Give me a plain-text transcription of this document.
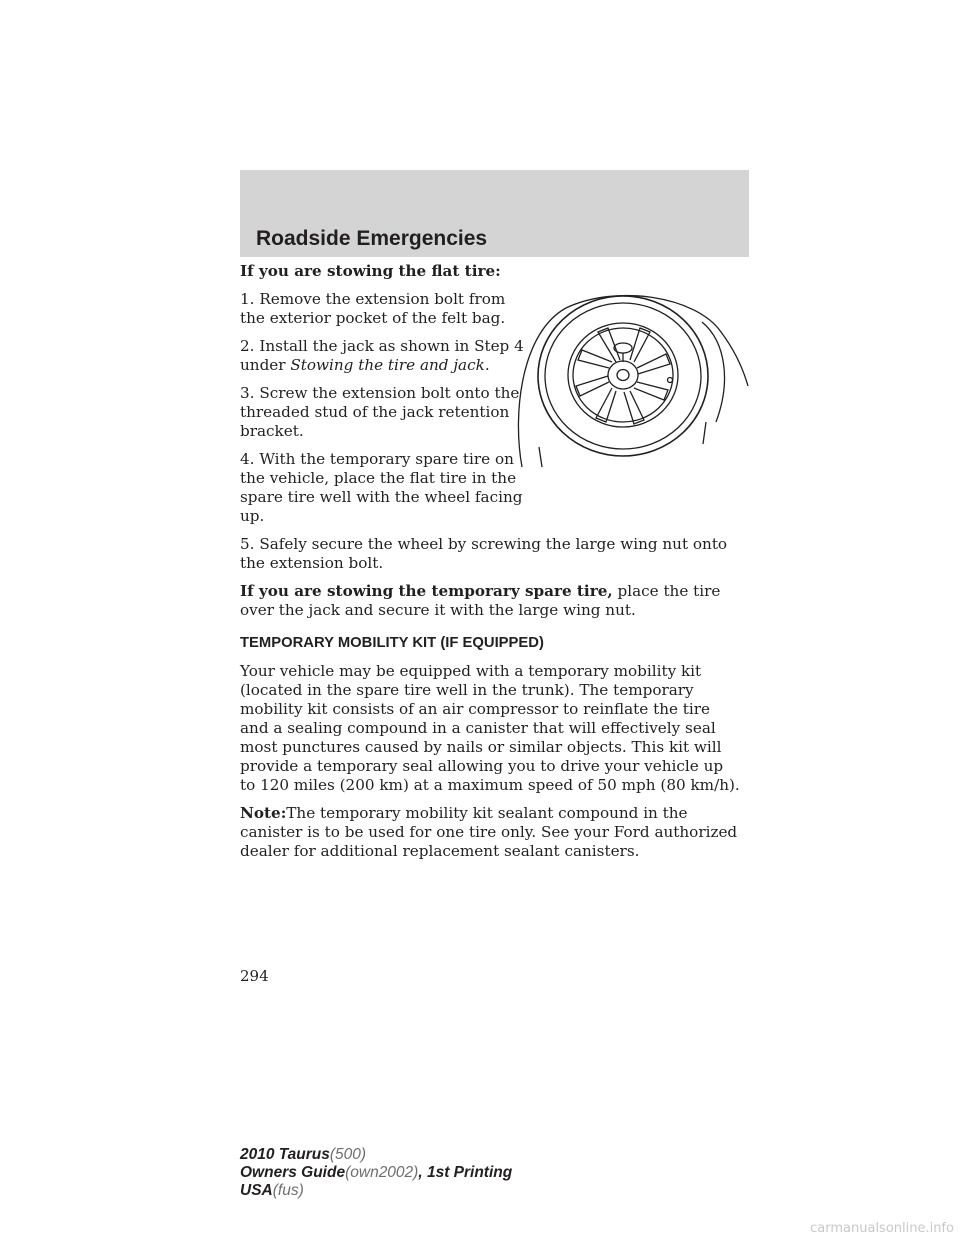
Roadside Emergencies

If you are stowing the flat tire:

1. Remove the extension bolt from the exterior pocket of the felt bag.

2. Install the jack as shown in Step 4 under Stowing the tire and jack.

3. Screw the extension bolt onto the threaded stud of the jack retention bracket.

4. With the temporary spare tire on the vehicle, place the flat tire in the spare tire well with the wheel facing up.

5. Safely secure the wheel by screwing the large wing nut onto the extension bolt.

If you are stowing the temporary spare tire, place the tire over the jack and secure it with the large wing nut.

TEMPORARY MOBILITY KIT (IF EQUIPPED)

Your vehicle may be equipped with a temporary mobility kit (located in the spare tire well in the trunk). The temporary mobility kit consists of an air compressor to reinflate the tire and a sealing compound in a canister that will effectively seal most punctures caused by nails or similar objects. This kit will provide a temporary seal allowing you to drive your vehicle up to 120 miles (200 km) at a maximum speed of 50 mph (80 km/h).

Note:The temporary mobility kit sealant compound in the canister is to be used for one tire only. See your Ford authorized dealer for additional replacement sealant canisters.

294
2010 Taurus(500)
Owners Guide(own2002), 1st Printing
USA(fus)
carmanualsonline.info
